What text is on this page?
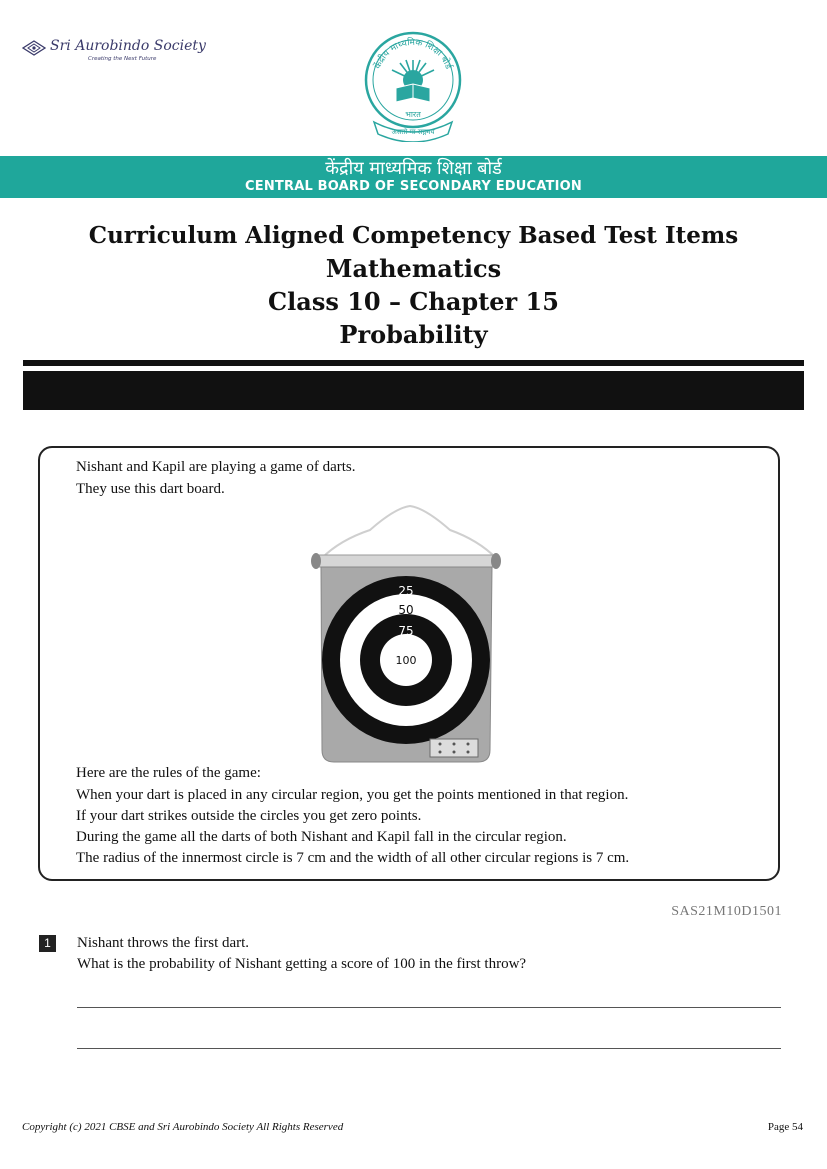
Sri Aurobindo Society
Creating the Next Future
केंद्रीय माध्यमिक शिक्षा बोर्ड
भारत
असतो मा सद्गमय
केंद्रीय माध्यमिक शिक्षा बोर्ड
CENTRAL BOARD OF SECONDARY EDUCATION
Curriculum Aligned Competency Based Test Items
Mathematics
Class 10 – Chapter 15
Probability
Nishant and Kapil are playing a game of darts.
They use this dart board.
25
50
75
100
Here are the rules of the game:
When your dart is placed in any circular region, you get the points mentioned in that region.
If your dart strikes outside the circles you get zero points.
During the game all the darts of both Nishant and Kapil fall in the circular region.
The radius of the innermost circle is 7 cm and the width of all other circular regions is 7 cm.
SAS21M10D1501
1	Nishant throws the first dart.
What is the probability of Nishant getting a score of 100 in the first throw?
Copyright (c) 2021 CBSE and Sri Aurobindo Society All Rights Reserved	Page 54
